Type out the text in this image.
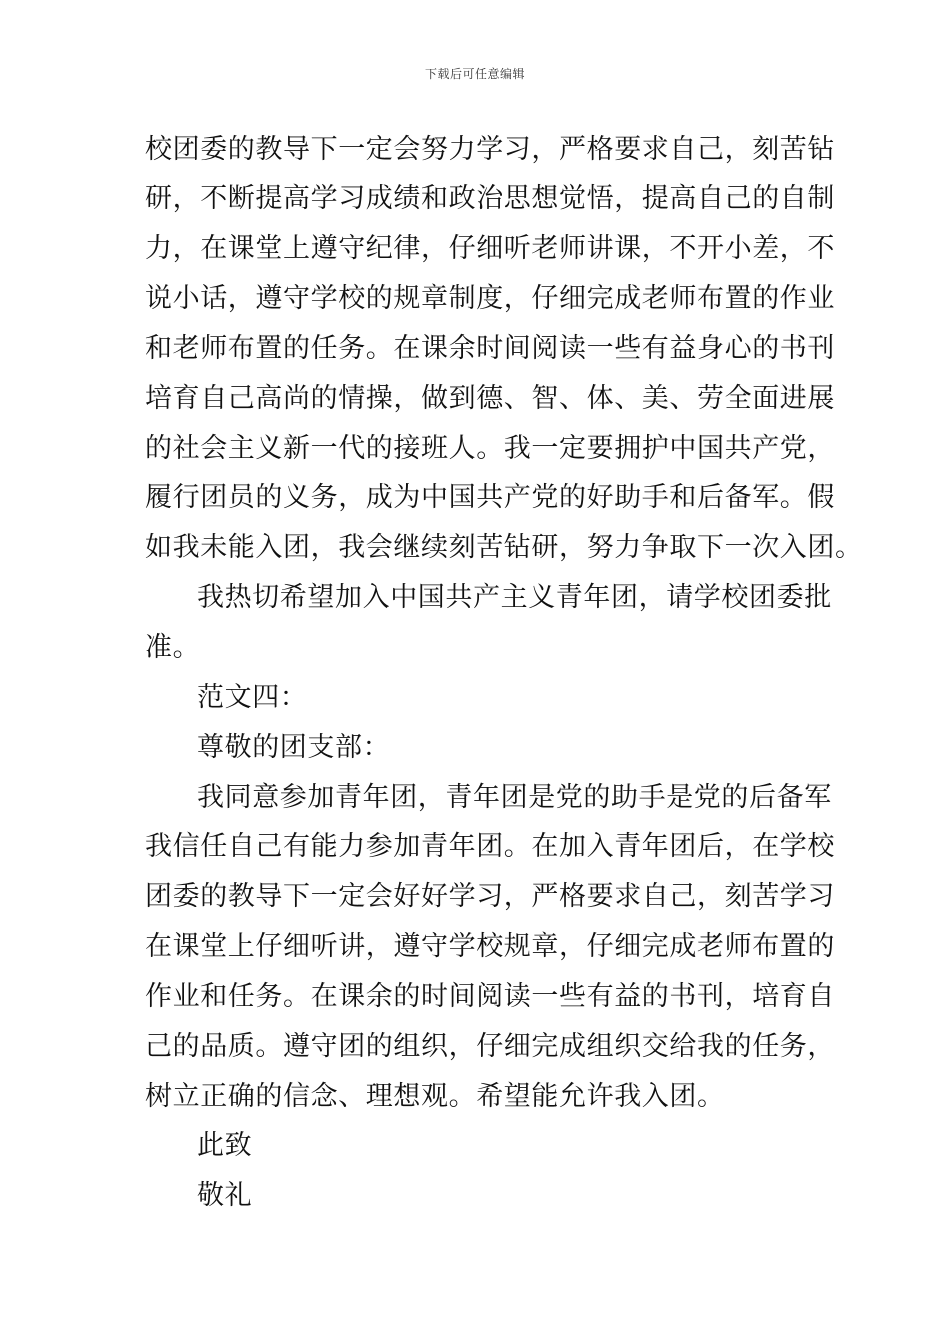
下载后可任意编辑
校团委的教导下一定会努力学习，严格要求自己，刻苦钻
研，不断提高学习成绩和政治思想觉悟，提高自己的自制
力，在课堂上遵守纪律，仔细听老师讲课，不开小差，不
说小话，遵守学校的规章制度，仔细完成老师布置的作业
和老师布置的任务。在课余时间阅读一些有益身心的书刊
培育自己高尚的情操，做到德、智、体、美、劳全面进展
的社会主义新一代的接班人。我一定要拥护中国共产党，
履行团员的义务，成为中国共产党的好助手和后备军。假
如我未能入团，我会继续刻苦钻研，努力争取下一次入团。
我热切希望加入中国共产主义青年团，请学校团委批
准。
范文四：
尊敬的团支部：
我同意参加青年团，青年团是党的助手是党的后备军
我信任自己有能力参加青年团。在加入青年团后，在学校
团委的教导下一定会好好学习，严格要求自己，刻苦学习
在课堂上仔细听讲，遵守学校规章，仔细完成老师布置的
作业和任务。在课余的时间阅读一些有益的书刊，培育自
己的品质。遵守团的组织，仔细完成组织交给我的任务，
树立正确的信念、理想观。希望能允许我入团。
此致
敬礼
